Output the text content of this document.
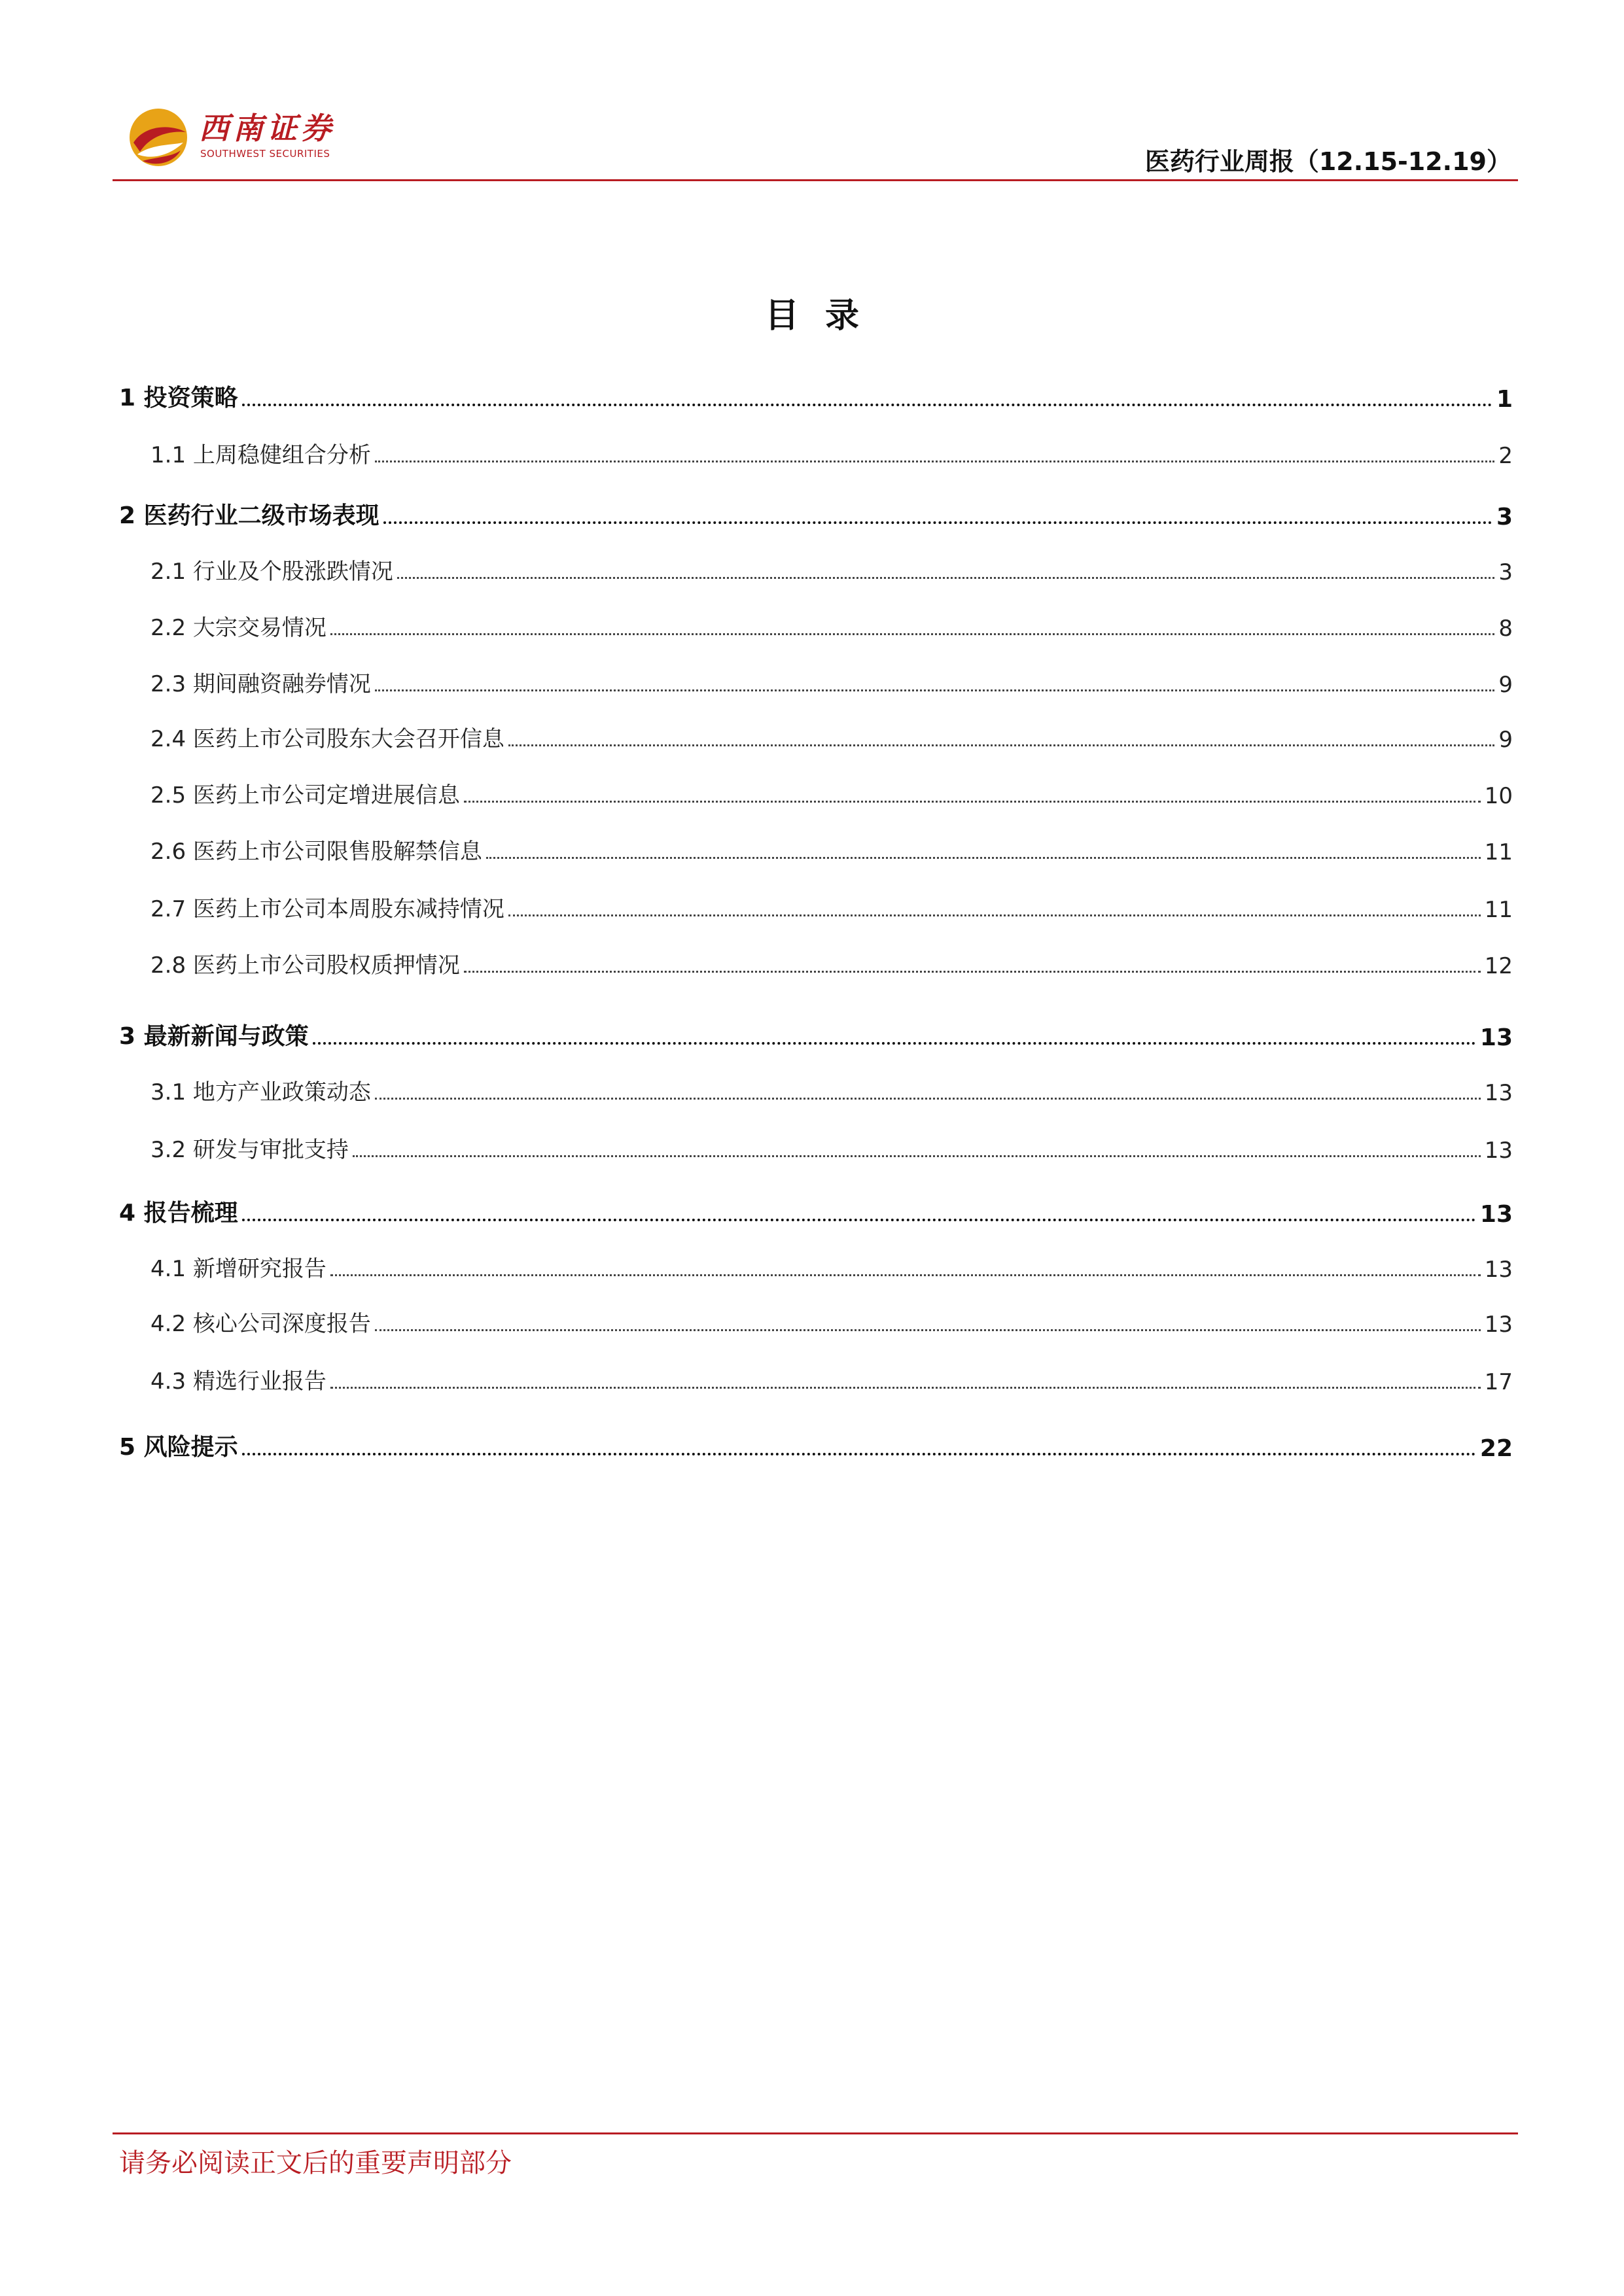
西南证券
SOUTHWEST SECURITIES	医药行业周报（12.15-12.19）
目录
1 投资策略	1
1.1 上周稳健组合分析	2
2 医药行业二级市场表现	3
2.1 行业及个股涨跌情况	3
2.2 大宗交易情况	8
2.3 期间融资融券情况	9
2.4 医药上市公司股东大会召开信息	9
2.5 医药上市公司定增进展信息	10
2.6 医药上市公司限售股解禁信息	11
2.7 医药上市公司本周股东减持情况	11
2.8 医药上市公司股权质押情况	12
3 最新新闻与政策	13
3.1 地方产业政策动态	13
3.2 研发与审批支持	13
4 报告梳理	13
4.1 新增研究报告	13
4.2 核心公司深度报告	13
4.3 精选行业报告	17
5 风险提示	22
请务必阅读正文后的重要声明部分
